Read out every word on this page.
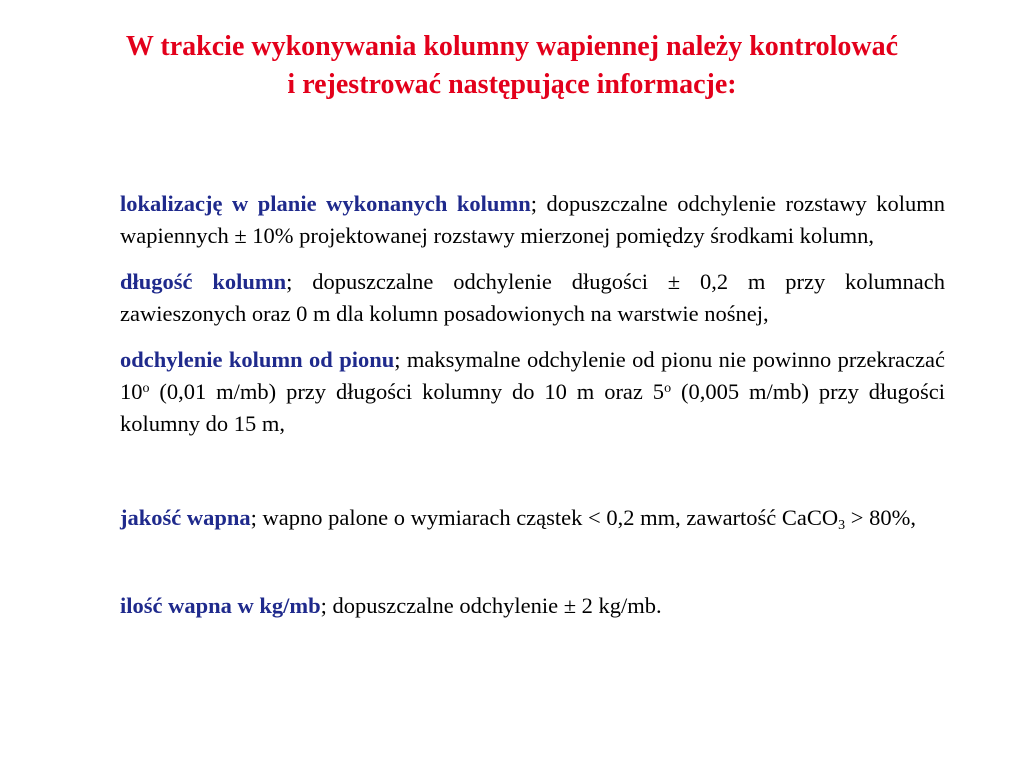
W trakcie wykonywania kolumny wapiennej należy kontrolować
i rejestrować następujące informacje:

lokalizację w planie wykonanych kolumn; dopuszczalne odchylenie rozstawy kolumn wapiennych ± 10% projektowanej rozstawy mierzonej pomiędzy środkami kolumn,

długość kolumn; dopuszczalne odchylenie długości ± 0,2 m przy kolumnach zawieszonych oraz 0 m dla kolumn posadowionych na warstwie nośnej,

odchylenie kolumn od pionu; maksymalne odchylenie od pionu nie powinno przekraczać 10$^o$ (0,01 m/mb) przy długości kolumny do 10 m oraz 5$^o$ (0,005 m/mb) przy długości kolumny do 15 m,

jakość wapna; wapno palone o wymiarach cząstek < 0,2 mm, zawartość CaCO$_3$ > 80%,

ilość wapna w kg/mb; dopuszczalne odchylenie ± 2 kg/mb.
